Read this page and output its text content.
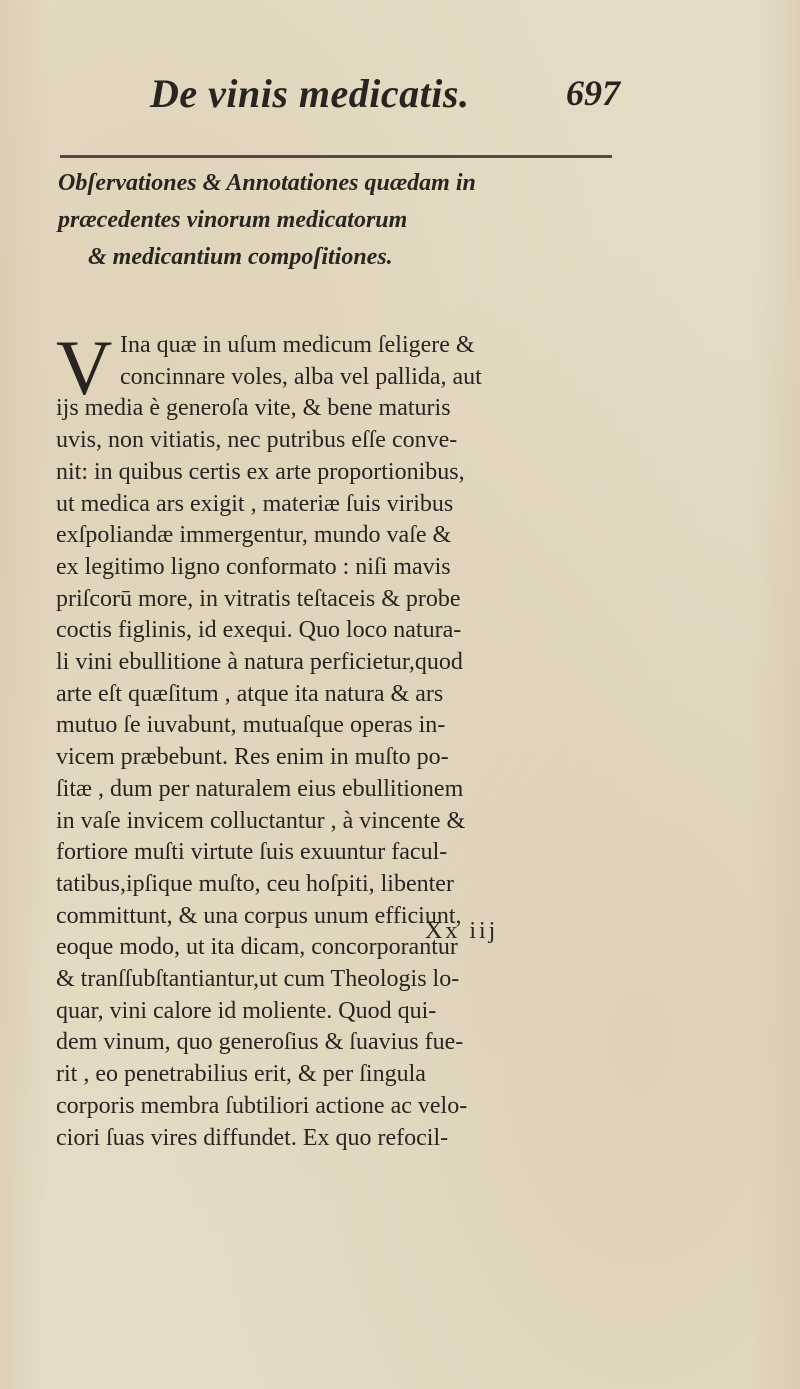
De vinis medicatis.	697
Obſervationes & Annotationes quædam in
præcedentes vinorum medicatorum
& medicantium compoſitiones.
V Ina quæ in uſum medicum ſeligere &
concinnare voles, alba vel pallida, aut
ijs media è generoſa vite, & bene maturis
uvis, non vitiatis, nec putribus eſſe conve-
nit: in quibus certis ex arte proportionibus,
ut medica ars exigit , materiæ ſuis viribus
exſpoliandæ immergentur, mundo vaſe &
ex legitimo ligno conformato : niſi mavis
priſcorū more, in vitratis teſtaceis & probe
coctis figlinis, id exequi. Quo loco natura-
li vini ebullitione à natura perficietur,quod
arte eſt quæſitum , atque ita natura & ars
mutuo ſe iuvabunt, mutuaſque operas in-
vicem præbebunt. Res enim in muſto po-
ſitæ , dum per naturalem eius ebullitionem
in vaſe invicem colluctantur , à vincente &
fortiore muſti virtute ſuis exuuntur facul-
tatibus,ipſique muſto, ceu hoſpiti, libenter
committunt, & una corpus unum efficiunt,
eoque modo, ut ita dicam, concorporantur
& tranſſubſtantiantur,ut cum Theologis lo-
quar, vini calore id moliente. Quod qui-
dem vinum, quo generoſius & ſuavius fue-
rit , eo penetrabilius erit, & per ſingula
corporis membra ſubtiliori actione ac velo-
ciori ſuas vires diffundet. Ex quo refocil-
Xx iij
